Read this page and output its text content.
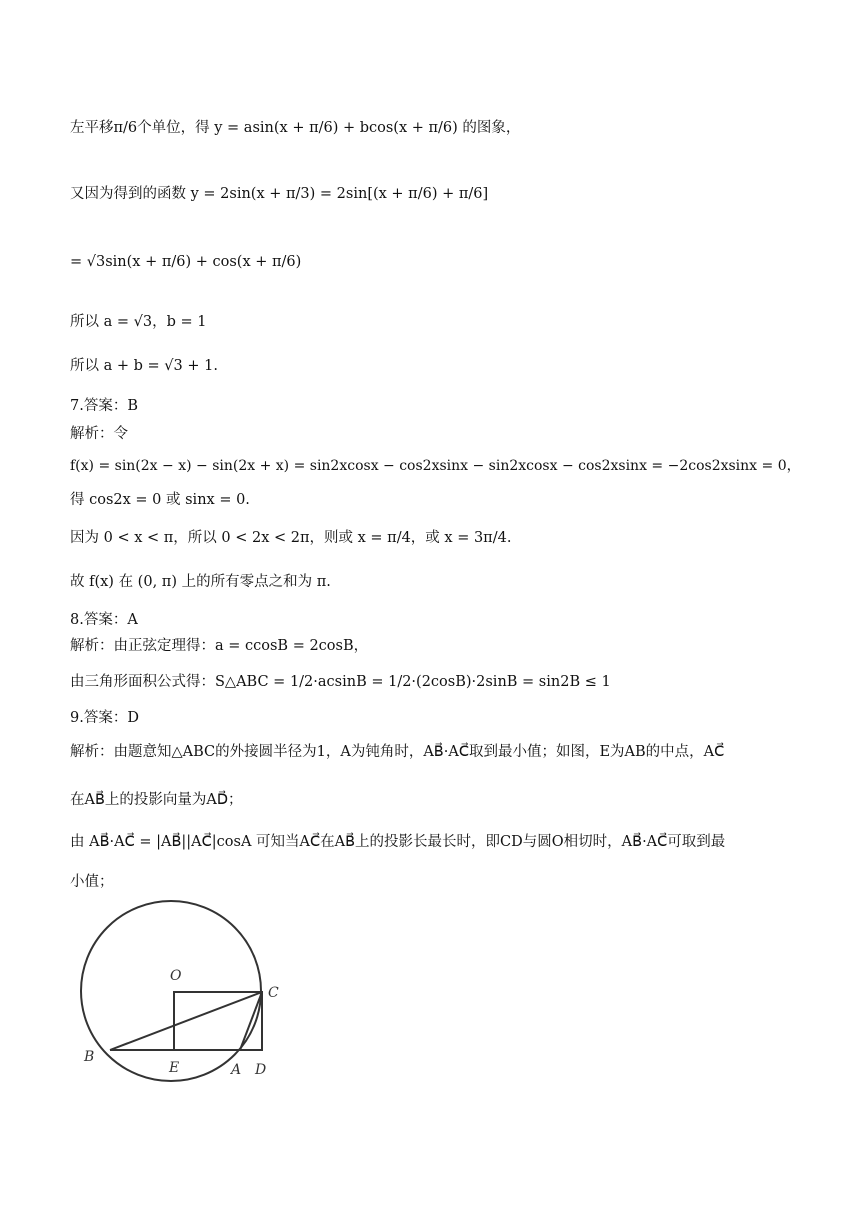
左平移π/6个单位，得 y = asin(x + π/6) + bcos(x + π/6) 的图象，
又因为得到的函数 y = 2sin(x + π/3) = 2sin[(x + π/6) + π/6]
= √3sin(x + π/6) + cos(x + π/6)
所以 a = √3，b = 1
所以 a + b = √3 + 1.
7.答案：B
解析：令
f(x) = sin(2x − x) − sin(2x + x) = sin2xcosx − cos2xsinx − sin2xcosx − cos2xsinx = −2cos2xsinx = 0，
得 cos2x = 0 或 sinx = 0.
因为 0 < x < π，所以 0 < 2x < 2π，则或 x = π/4，或 x = 3π/4.
故 f(x) 在 (0, π) 上的所有零点之和为 π.
8.答案：A
解析：由正弦定理得：a = ccosB = 2cosB，
由三角形面积公式得：S△ABC = 1/2·acsinB = 1/2·(2cosB)·2sinB = sin2B ≤ 1
9.答案：D
解析：由题意知△ABC的外接圆半径为1，A为钝角时，AB⃗·AC⃗取到最小值；如图，E为AB的中点，AC⃗
在AB⃗上的投影向量为AD⃗；
由 AB⃗·AC⃗ = |AB⃗||AC⃗|cosA 可知当AC⃗在AB⃗上的投影长最长时，即CD与圆O相切时，AB⃗·AC⃗可取到最
小值；
O
C
B
E	A D
